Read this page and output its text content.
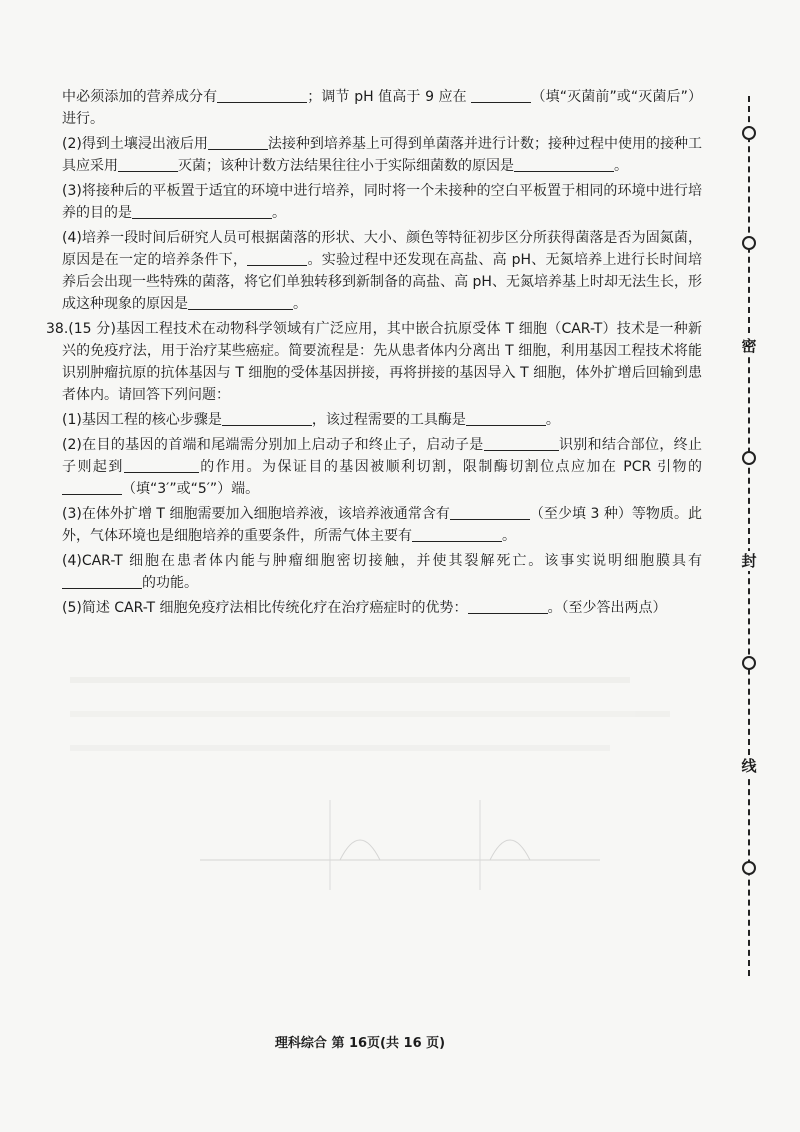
中必须添加的营养成分有	；调节 pH 值高于 9 应在	（填“灭菌前”或“灭菌后”）进行。

(2)得到土壤浸出液后用	法接种到培养基上可得到单菌落并进行计数；接种过程中使用的接种工具应采用	灭菌；该种计数方法结果往往小于实际细菌数的原因是	。

(3)将接种后的平板置于适宜的环境中进行培养，同时将一个未接种的空白平板置于相同的环境中进行培养的目的是	。

(4)培养一段时间后研究人员可根据菌落的形状、大小、颜色等特征初步区分所获得菌落是否为固氮菌，原因是在一定的培养条件下，	。实验过程中还发现在高盐、高 pH、无氮培养上进行长时间培养后会出现一些特殊的菌落，将它们单独转移到新制备的高盐、高 pH、无氮培养基上时却无法生长，形成这种现象的原因是	。

38.(15 分)基因工程技术在动物科学领域有广泛应用，其中嵌合抗原受体 T 细胞（CAR-T）技术是一种新兴的免疫疗法，用于治疗某些癌症。简要流程是：先从患者体内分离出 T 细胞，利用基因工程技术将能识别肿瘤抗原的抗体基因与 T 细胞的受体基因拼接，再将拼接的基因导入 T 细胞，体外扩增后回输到患者体内。请回答下列问题：

(1)基因工程的核心步骤是	，该过程需要的工具酶是	。

(2)在目的基因的首端和尾端需分别加上启动子和终止子，启动子是	识别和结合部位，终止子则起到	的作用。为保证目的基因被顺利切割，限制酶切割位点应加在 PCR 引物的（填“3′”或“5′”）端。

(3)在体外扩增 T 细胞需要加入细胞培养液，该培养液通常含有	（至少填 3 种）等物质。此外，气体环境也是细胞培养的重要条件，所需气体主要有	。

(4)CAR-T 细胞在患者体内能与肿瘤细胞密切接触，并使其裂解死亡。该事实说明细胞膜具有的功能。

(5)简述 CAR-T 细胞免疫疗法相比传统化疗在治疗癌症时的优势：	。（至少答出两点）

密
封
线
理科综合 第 16页(共 16 页)
